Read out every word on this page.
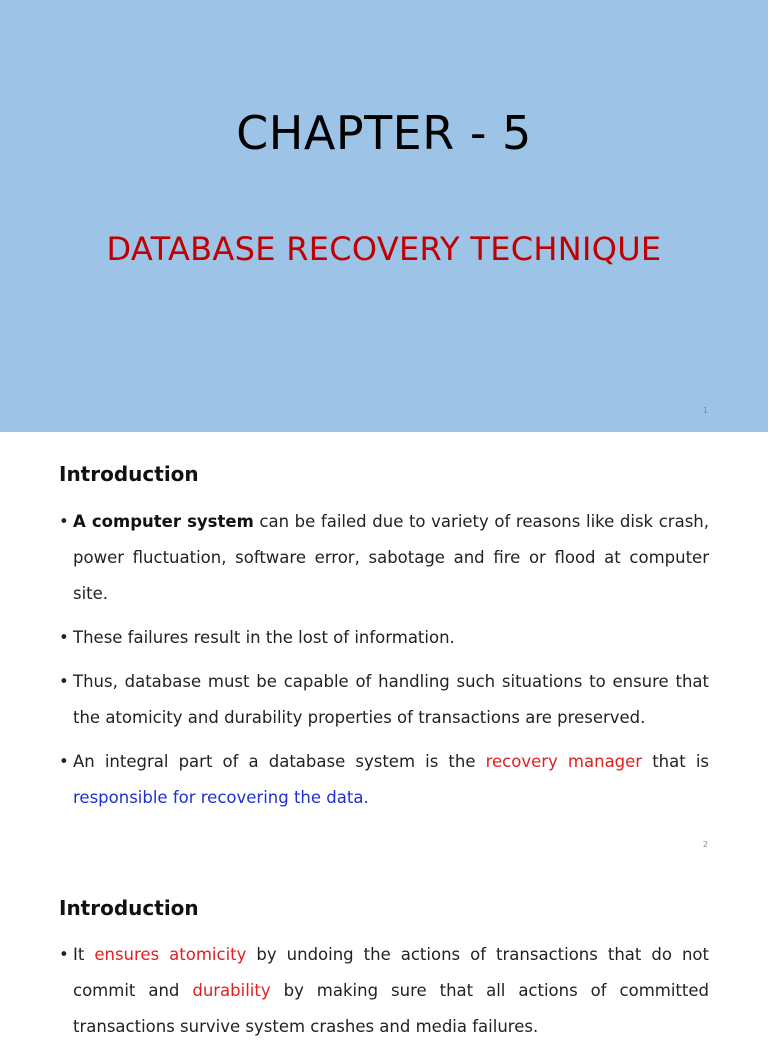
CHAPTER - 5
DATABASE RECOVERY TECHNIQUE
1
Introduction
• A computer system can be failed due to variety of reasons like disk crash, power fluctuation, software error, sabotage and fire or flood at computer site.
• These failures result in the lost of information.
• Thus, database must be capable of handling such situations to ensure that the atomicity and durability properties of transactions are preserved.
• An integral part of a database system is the recovery manager that is responsible for recovering the data.
2
Introduction
• It ensures atomicity by undoing the actions of transactions that do not commit and durability by making sure that all actions of committed transactions survive system crashes and media failures.
